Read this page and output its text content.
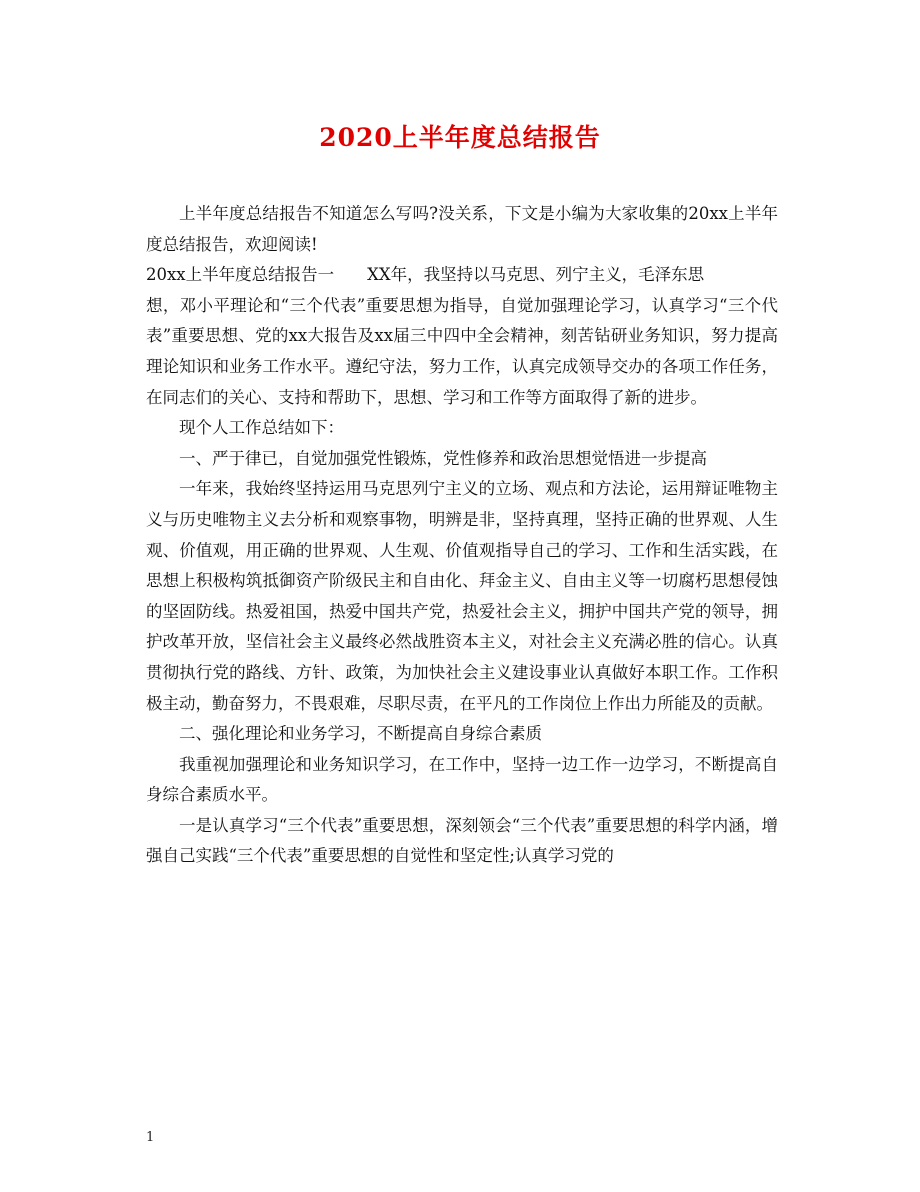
2020上半年度总结报告

上半年度总结报告不知道怎么写吗?没关系，下文是小编为大家收集的20xx上半年度总结报告，欢迎阅读!

20xx上半年度总结报告一　　XX年，我坚持以马克思、列宁主义，毛泽东思

想，邓小平理论和“三个代表”重要思想为指导，自觉加强理论学习，认真学习“三个代表”重要思想、党的xx大报告及xx届三中四中全会精神，刻苦钻研业务知识，努力提高理论知识和业务工作水平。遵纪守法，努力工作，认真完成领导交办的各项工作任务，在同志们的关心、支持和帮助下，思想、学习和工作等方面取得了新的进步。

现个人工作总结如下：

一、严于律已，自觉加强党性锻炼，党性修养和政治思想觉悟进一步提高

一年来，我始终坚持运用马克思列宁主义的立场、观点和方法论，运用辩证唯物主义与历史唯物主义去分析和观察事物，明辨是非，坚持真理，坚持正确的世界观、人生观、价值观，用正确的世界观、人生观、价值观指导自己的学习、工作和生活实践，在思想上积极构筑抵御资产阶级民主和自由化、拜金主义、自由主义等一切腐朽思想侵蚀的坚固防线。热爱祖国，热爱中国共产党，热爱社会主义，拥护中国共产党的领导，拥护改革开放，坚信社会主义最终必然战胜资本主义，对社会主义充满必胜的信心。认真贯彻执行党的路线、方针、政策，为加快社会主义建设事业认真做好本职工作。工作积极主动，勤奋努力，不畏艰难，尽职尽责，在平凡的工作岗位上作出力所能及的贡献。

二、强化理论和业务学习，不断提高自身综合素质

我重视加强理论和业务知识学习，在工作中，坚持一边工作一边学习，不断提高自身综合素质水平。

一是认真学习“三个代表”重要思想，深刻领会“三个代表”重要思想的科学内涵，增强自己实践“三个代表”重要思想的自觉性和坚定性;认真学习党的

1
